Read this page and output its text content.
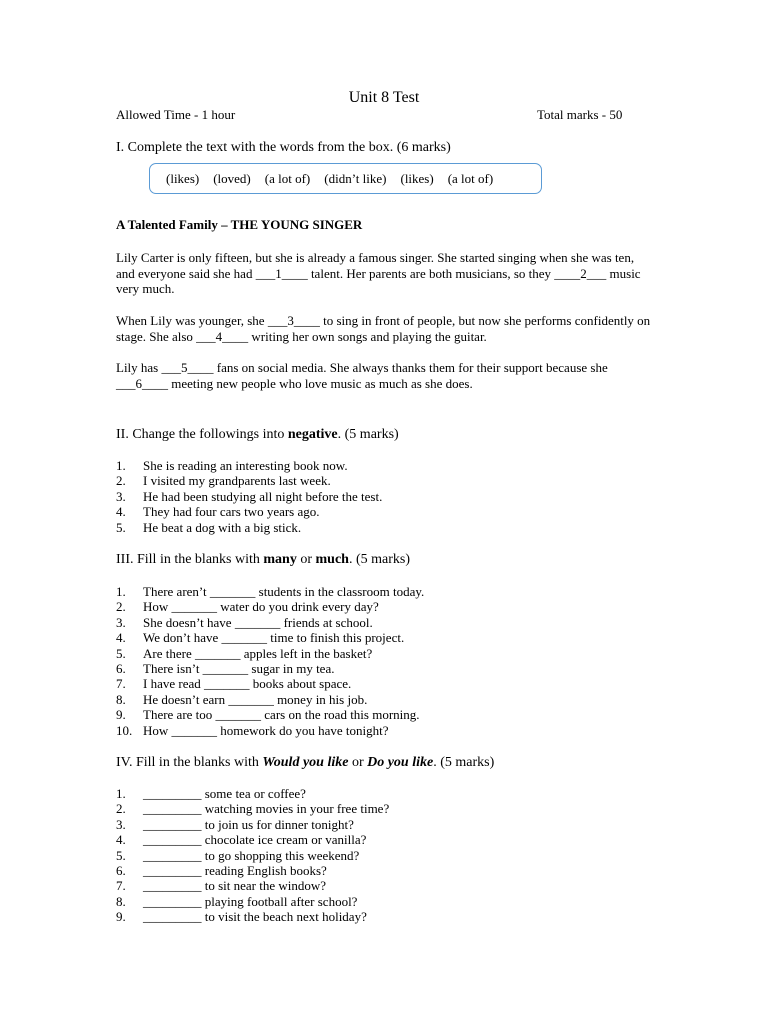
Unit 8 Test
Allowed Time - 1 hour	Total marks - 50
I. Complete the text with the words from the box. (6 marks)
(likes) (loved) (a lot of) (didn’t like) (likes) (a lot of)
A Talented Family – THE YOUNG SINGER
Lily Carter is only fifteen, but she is already a famous singer. She started singing when she was ten, and everyone said she had ___1____ talent. Her parents are both musicians, so they ____2___ music very much.
When Lily was younger, she ___3____ to sing in front of people, but now she performs confidently on stage. She also ___4____ writing her own songs and playing the guitar.
Lily has ___5____ fans on social media. She always thanks them for their support because she ___6____ meeting new people who love music as much as she does.
II. Change the followings into negative. (5 marks)
1.	She is reading an interesting book now.
2.	I visited my grandparents last week.
3.	He had been studying all night before the test.
4.	They had four cars two years ago.
5.	He beat a dog with a big stick.
III. Fill in the blanks with many or much. (5 marks)
1.	There aren’t _______ students in the classroom today.
2.	How _______ water do you drink every day?
3.	She doesn’t have _______ friends at school.
4.	We don’t have _______ time to finish this project.
5.	Are there _______ apples left in the basket?
6.	There isn’t _______ sugar in my tea.
7.	I have read _______ books about space.
8.	He doesn’t earn _______ money in his job.
9.	There are too _______ cars on the road this morning.
10. How _______ homework do you have tonight?
IV. Fill in the blanks with Would you like or Do you like. (5 marks)
1.	_________ some tea or coffee?
2.	_________ watching movies in your free time?
3.	_________ to join us for dinner tonight?
4.	_________ chocolate ice cream or vanilla?
5.	_________ to go shopping this weekend?
6.	_________ reading English books?
7.	_________ to sit near the window?
8.	_________ playing football after school?
9.	_________ to visit the beach next holiday?
